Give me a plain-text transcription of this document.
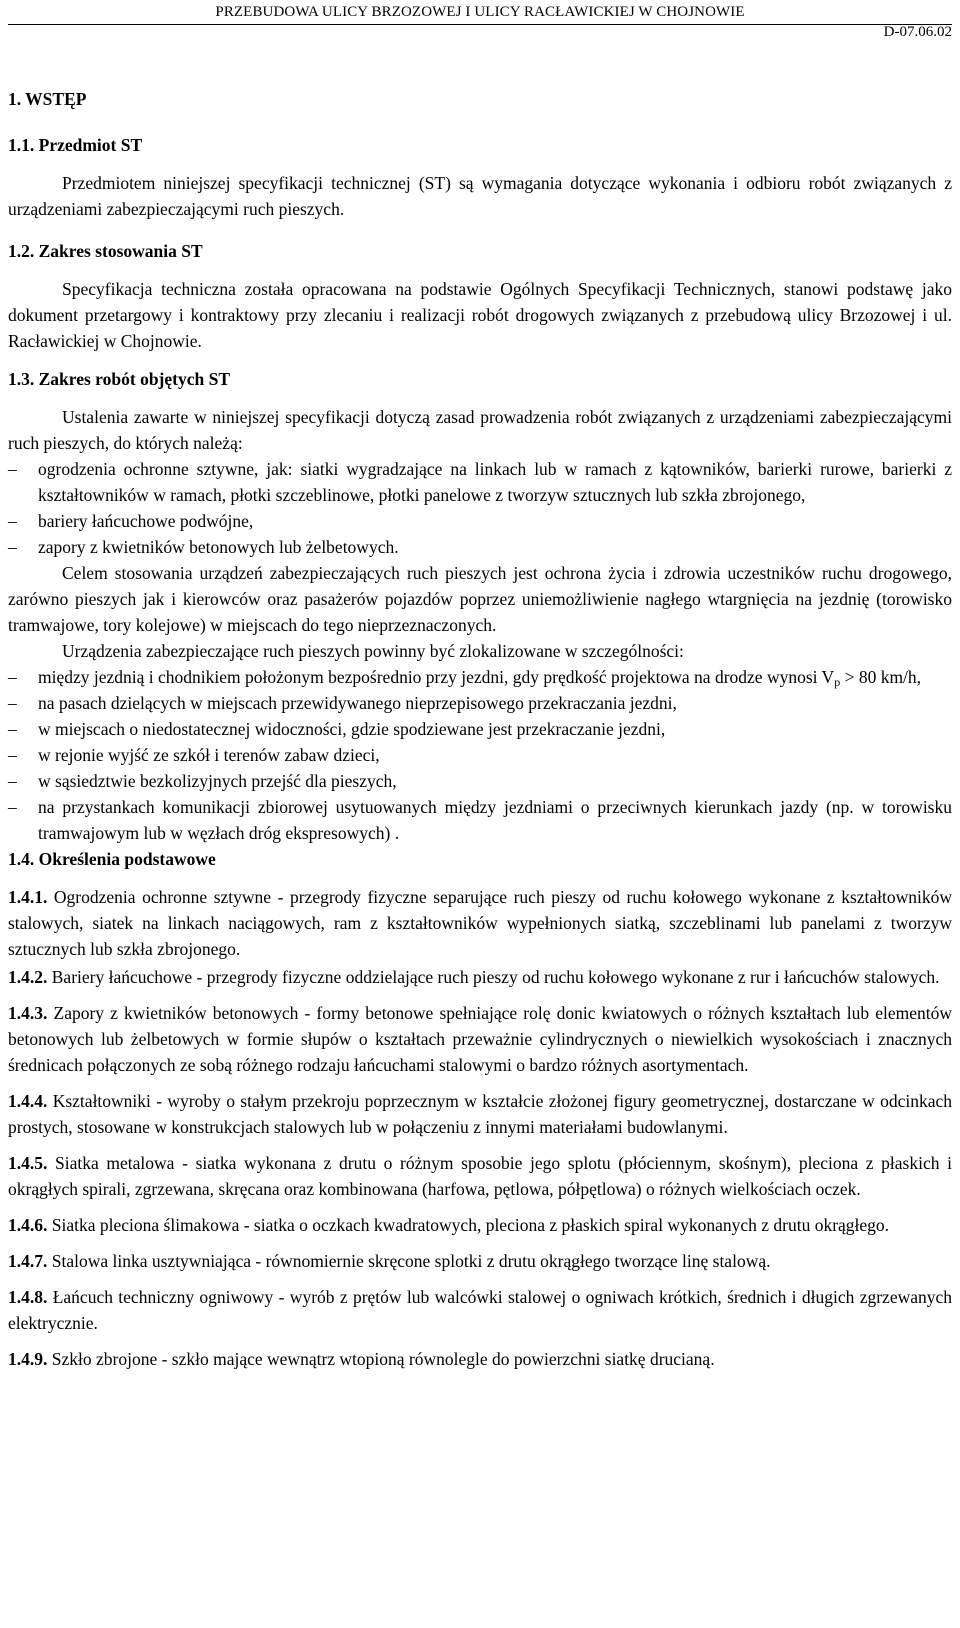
PRZEBUDOWA ULICY BRZOZOWEJ I ULICY RACŁAWICKIEJ W CHOJNOWIE
D-07.06.02
1. WSTĘP
1.1. Przedmiot ST

Przedmiotem niniejszej specyfikacji technicznej (ST) są wymagania dotyczące wykonania i odbioru robót związanych z urządzeniami zabezpieczającymi ruch pieszych.

1.2. Zakres stosowania ST

Specyfikacja techniczna została opracowana na podstawie Ogólnych Specyfikacji Technicznych, stanowi podstawę jako dokument przetargowy i kontraktowy przy zlecaniu i realizacji robót drogowych związanych z przebudową ulicy Brzozowej i ul. Racławickiej w Chojnowie.

1.3. Zakres robót objętych ST

Ustalenia zawarte w niniejszej specyfikacji dotyczą zasad prowadzenia robót związanych z urządzeniami zabezpieczającymi ruch pieszych, do których należą:

–	ogrodzenia ochronne sztywne, jak: siatki wygradzające na linkach lub w ramach z kątowników, barierki rurowe, barierki z kształtowników w ramach, płotki szczeblinowe, płotki panelowe z tworzyw sztucznych lub szkła zbrojonego,
–	bariery łańcuchowe podwójne,
–	zapory z kwietników betonowych lub żelbetowych.

Celem stosowania urządzeń zabezpieczających ruch pieszych jest ochrona życia i zdrowia uczestników ruchu drogowego, zarówno pieszych jak i kierowców oraz pasażerów pojazdów poprzez uniemożliwienie nagłego wtargnięcia na jezdnię (torowisko tramwajowe, tory kolejowe) w miejscach do tego nieprzeznaczonych.

Urządzenia zabezpieczające ruch pieszych powinny być zlokalizowane w szczególności:

–	między jezdnią i chodnikiem położonym bezpośrednio przy jezdni, gdy prędkość projektowa na drodze wynosi $V_p > 80$ km/h,
–	na pasach dzielących w miejscach przewidywanego nieprzepisowego przekraczania jezdni,
–	w miejscach o niedostatecznej widoczności, gdzie spodziewane jest przekraczanie jezdni,
–	w rejonie wyjść ze szkół i terenów zabaw dzieci,
–	w sąsiedztwie bezkolizyjnych przejść dla pieszych,
–	na przystankach komunikacji zbiorowej usytuowanych między jezdniami o przeciwnych kierunkach jazdy (np. w torowisku tramwajowym lub w węzłach dróg ekspresowych) .
1.4. Określenia podstawowe

1.4.1. Ogrodzenia ochronne sztywne - przegrody fizyczne separujące ruch pieszy od ruchu kołowego wykonane z kształtowników stalowych, siatek na linkach naciągowych, ram z kształtowników wypełnionych siatką, szczeblinami lub panelami z tworzyw sztucznych lub szkła zbrojonego.

1.4.2. Bariery łańcuchowe - przegrody fizyczne oddzielające ruch pieszy od ruchu kołowego wykonane z rur i łańcuchów stalowych.

1.4.3. Zapory z kwietników betonowych - formy betonowe spełniające rolę donic kwiatowych o różnych kształtach lub elementów betonowych lub żelbetowych w formie słupów o kształtach przeważnie cylindrycznych o niewielkich wysokościach i znacznych średnicach połączonych ze sobą różnego rodzaju łańcuchami stalowymi o bardzo różnych asortymentach.

1.4.4. Kształtowniki - wyroby o stałym przekroju poprzecznym w kształcie złożonej figury geometrycznej, dostarczane w odcinkach prostych, stosowane w konstrukcjach stalowych lub w połączeniu z innymi materiałami budowlanymi.

1.4.5. Siatka metalowa - siatka wykonana z drutu o różnym sposobie jego splotu (płóciennym, skośnym), pleciona z płaskich i okrągłych spirali, zgrzewana, skręcana oraz kombinowana (harfowa, pętlowa, półpętlowa) o różnych wielkościach oczek.

1.4.6. Siatka pleciona ślimakowa - siatka o oczkach kwadratowych, pleciona z płaskich spiral wykonanych z drutu okrągłego.

1.4.7. Stalowa linka usztywniająca - równomiernie skręcone splotki z drutu okrągłego tworzące linę stalową.

1.4.8. Łańcuch techniczny ogniwowy - wyrób z prętów lub walcówki stalowej o ogniwach krótkich, średnich i długich zgrzewanych elektrycznie.

1.4.9. Szkło zbrojone - szkło mające wewnątrz wtopioną równolegle do powierzchni siatkę drucianą.
